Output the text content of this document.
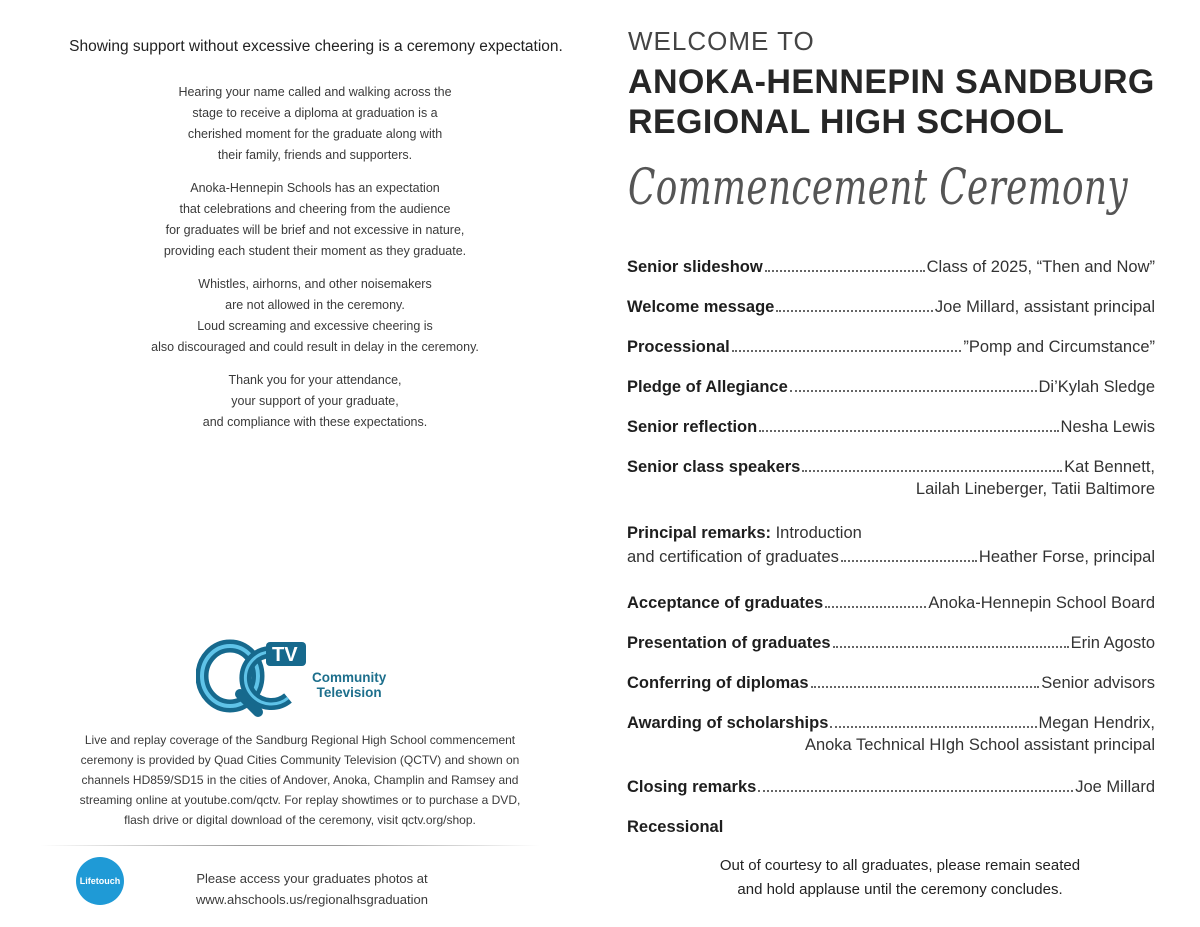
Showing support without excessive cheering is a ceremony expectation.

Hearing your name called and walking across the
stage to receive a diploma at graduation is a
cherished moment for the graduate along with
their family, friends and supporters.

Anoka-Hennepin Schools has an expectation
that celebrations and cheering from the audience
for graduates will be brief and not excessive in nature,
providing each student their moment as they graduate.

Whistles, airhorns, and other noisemakers
are not allowed in the ceremony.
Loud screaming and excessive cheering is
also discouraged and could result in delay in the ceremony.

Thank you for your attendance,
your support of your graduate,
and compliance with these expectations.

TV
Community
Television
Live and replay coverage of the Sandburg Regional High School commencement
ceremony is provided by Quad Cities Community Television (QCTV) and shown on
channels HD859/SD15 in the cities of Andover, Anoka, Champlin and Ramsey and
streaming online at youtube.com/qctv. For replay showtimes or to purchase a DVD,
flash drive or digital download of the ceremony, visit qctv.org/shop.
Lifetouch	Please access your graduates photos at
www.ahschools.us/regionalhsgraduation
WELCOME TO
ANOKA-HENNEPIN SANDBURG
REGIONAL HIGH SCHOOL
Commencement Ceremony
Senior slideshow	Class of 2025, “Then and Now”
Welcome message	Joe Millard, assistant principal
Processional	”Pomp and Circumstance”
Pledge of Allegiance	Di’Kylah Sledge
Senior reflection	Nesha Lewis
Senior class speakers	Kat Bennett,
Lailah Lineberger, Tatii Baltimore
Principal remarks: Introduction
and certification of graduates	Heather Forse, principal
Acceptance of graduates	Anoka-Hennepin School Board
Presentation of graduates	Erin Agosto
Conferring of diplomas	Senior advisors
Awarding of scholarships	Megan Hendrix,
Anoka Technical HIgh School assistant principal
Closing remarks	Joe Millard
Recessional
Out of courtesy to all graduates, please remain seated
and hold applause until the ceremony concludes.
